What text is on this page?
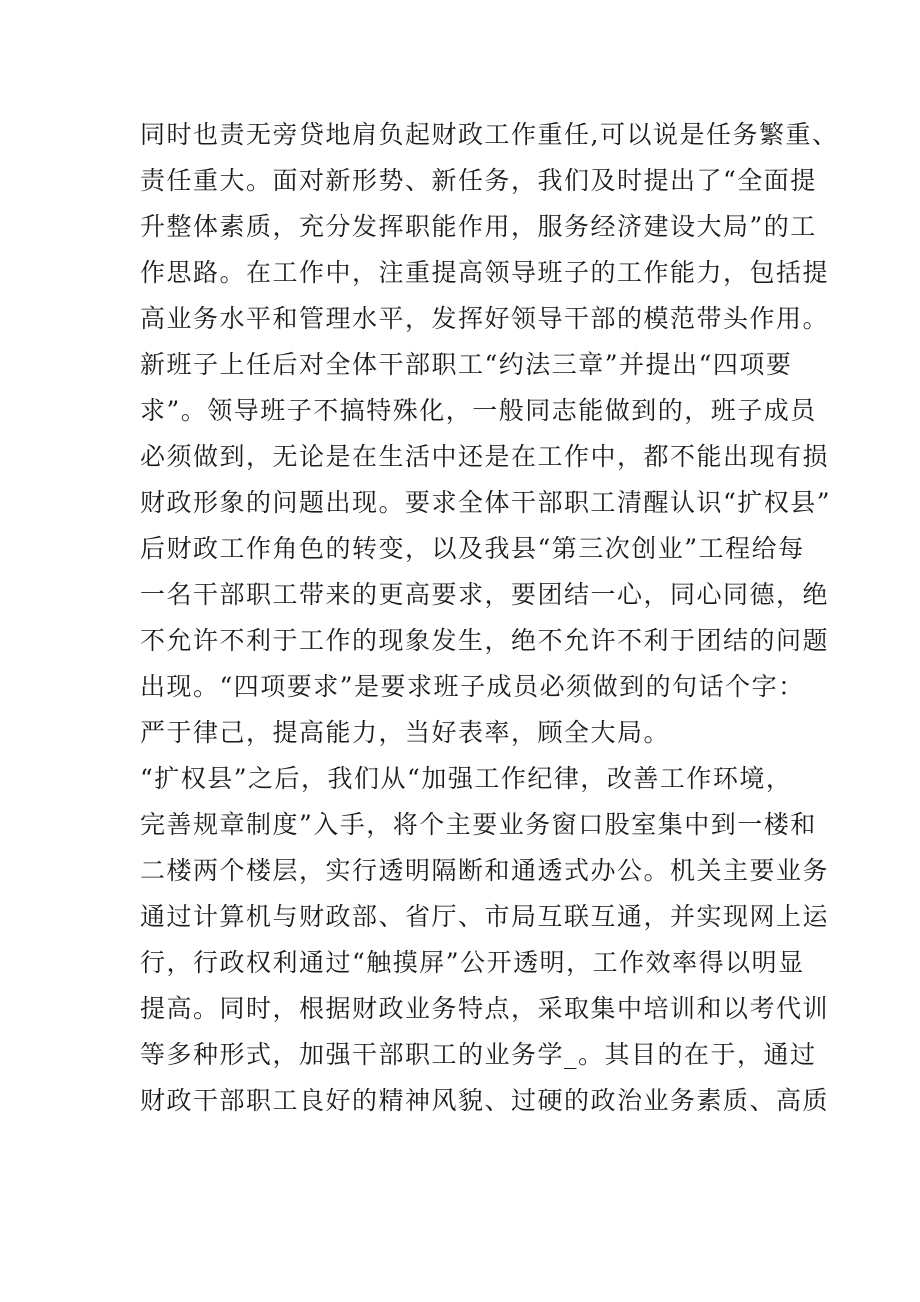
同时也责无旁贷地肩负起财政工作重任,可以说是任务繁重、
责任重大。面对新形势、新任务，我们及时提出了“全面提
升整体素质，充分发挥职能作用，服务经济建设大局”的工
作思路。在工作中，注重提高领导班子的工作能力，包括提
高业务水平和管理水平，发挥好领导干部的模范带头作用。
新班子上任后对全体干部职工“约法三章”并提出“四项要
求”。领导班子不搞特殊化，一般同志能做到的，班子成员
必须做到，无论是在生活中还是在工作中，都不能出现有损
财政形象的问题出现。要求全体干部职工清醒认识“扩权县”
后财政工作角色的转变，以及我县“第三次创业”工程给每
一名干部职工带来的更高要求，要团结一心，同心同德，绝
不允许不利于工作的现象发生，绝不允许不利于团结的问题
出现。“四项要求”是要求班子成员必须做到的句话个字：
严于律己，提高能力，当好表率，顾全大局。
“扩权县”之后，我们从“加强工作纪律，改善工作环境，
完善规章制度”入手，将个主要业务窗口股室集中到一楼和
二楼两个楼层，实行透明隔断和通透式办公。机关主要业务
通过计算机与财政部、省厅、市局互联互通，并实现网上运
行，行政权利通过“触摸屏”公开透明，工作效率得以明显
提高。同时，根据财政业务特点，采取集中培训和以考代训
等多种形式，加强干部职工的业务学_。其目的在于，通过
财政干部职工良好的精神风貌、过硬的政治业务素质、高质
